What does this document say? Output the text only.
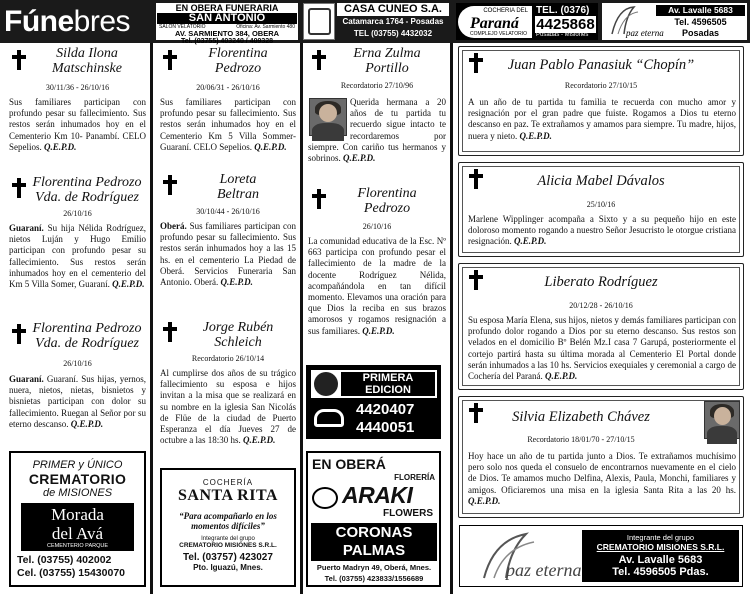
Fúnebres	EN OBERA FUNERARIA
SAN ANTONIO
SALON VELATORIO	Oficina: Av. Sarmiento 480
AV. SARMIENTO 384, OBERA
Tel. (03755) 403240 / 409328
CASA CUNEO S.A.
Catamarca 1764 - Posadas
TEL (03755) 4432032
COCHERIA DEL
Paraná
COMPLEJO VELATORIO
TEL. (0376)
4425868
Posadas - Misiones	paz eterna
Av. Lavalle 5683
Tel. 4596505
Posadas
Silda Ilona
Matschinske
30/11/36 - 26/10/16
Sus familiares participan con profundo pesar su fallecimiento. Sus restos serán inhumados hoy en el Cementerio Km 10- Panambí. CELO Sepelios. Q.E.P.D.
Florentina Pedrozo
Vda. de Rodríguez
26/10/16
Guaraní. Su hija Nélida Rodríguez, nietos Luján y Hugo Emilio participan con profundo pesar su fallecimiento. Sus restos serán inhumados hoy en el cementerio del Km 5 Villa Somer, Guaraní. Q.E.P.D.
Florentina Pedrozo
Vda. de Rodríguez
26/10/16
Guaraní. Guaraní. Sus hijas, yernos, nuera, nietos, nietas, bisnietos y bisnietas participan con dolor su fallecimiento. Ruegan al Señor por su eterno descanso. Q.E.P.D.
PRIMER y ÚNICO
CREMATORIO
de MISIONES
Morada
del Avá
CEMENTERIO PARQUE
Tel. (03755) 402002
Cel. (03755) 15430070
Florentina
Pedrozo
20/06/31 - 26/10/16
Sus familiares participan con profundo pesar su fallecimiento. Sus restos serán inhumados hoy en el Cementerio Km 5 Villa Sommer- Guaraní. CELO Sepelios. Q.E.P.D.
Loreta
Beltran
30/10/44 - 26/10/16
Oberá. Sus familiares participan con profundo pesar su fallecimiento. Sus restos serán inhumados hoy a las 15 hs. en el cementerio La Piedad de Oberá. Servicios Funeraria San Antonio. Oberá. Q.E.P.D.
Jorge Rubén
Schleich
Recordatorio 26/10/14
Al cumplirse dos años de su trágico fallecimiento su esposa e hijos invitan a la misa que se realizará en su nombre en la iglesia San Nicolás de Flüe de la ciudad de Puerto Esperanza el día Jueves 27 de octubre a las 18:30 hs. Q.E.P.D.
COCHERÍA
SANTA RITA
“Para acompañarlo en los momentos difíciles”
Integrante del grupo
CREMATORIO MISIONES S.R.L.
Tel. (03757) 423027
Pto. Iguazú, Mnes.
Erna Zulma
Portillo
Recordatorio 27/10/96
Querida hermana a 20 años de tu partida tu recuerdo sigue intacto te recordaremos por siempre. Con cariño tus hermanos y sobrinos. Q.E.P.D.
Florentina
Pedrozo
26/10/16
La comunidad educativa de la Esc. Nº 663 participa con profundo pesar el fallecimiento de la madre de la docente Rodríguez Nélida, acompañándola en tan difícil momento. Elevamos una oración para que Dios la reciba en sus brazos amorosos y rogamos resignación a sus familiares. Q.E.P.D.
PRIMERA
EDICION
4420407
4440051
EN OBERÁ
FLORERÍA
ARAKI
FLOWERS
CORONAS
PALMAS
Puerto Madryn 49, Oberá, Mnes.
Tel. (03755) 423833/1556689
Juan Pablo Panasiuk “Chopín”
Recordatorio 27/10/15
A un año de tu partida tu familia te recuerda con mucho amor y resignación por el gran padre que fuiste. Rogamos a Dios tu eterno descanso en paz. Te extrañamos y amamos para siempre. Tu madre, hijos, nuera y nieto. Q.E.P.D.
Alicia Mabel Dávalos
25/10/16
Marlene Wipplinger acompaña a Sixto y a su pequeño hijo en este doloroso momento rogando a nuestro Señor Jesucristo le otorgue cristiana resignación. Q.E.P.D.
Liberato Rodríguez
20/12/28 - 26/10/16
Su esposa María Elena, sus hijos, nietos y demás familiares participan con profundo dolor rogando a Dios por su eterno descanso. Sus restos son velados en el domicilio Bº Belén Mz.I casa 7 Garupá, posteriormente el cortejo partirá hasta su última morada al Cementerio El Portal donde serán inhumados a las 10 hs. Servicios exequiales y ceremonial a cargo de Cochería del Paraná. Q.E.P.D.
Silvia Elizabeth Chávez
Recordatorio 18/01/70 - 27/10/15
Hoy hace un año de tu partida junto a Dios. Te extrañamos muchísimo pero solo nos queda el consuelo de encontrarnos nuevamente en el cielo de Dios. Te amamos mucho Delfina, Alexis, Paula, Monchi, familiares y amigos. Oficiaremos una misa en la iglesia Santa Rita a las 20 hs. Q.E.P.D.
paz eterna
Integrante del grupo
CREMATORIO MISIONES S.R.L.
Av. Lavalle 5683
Tel. 4596505 Pdas.
